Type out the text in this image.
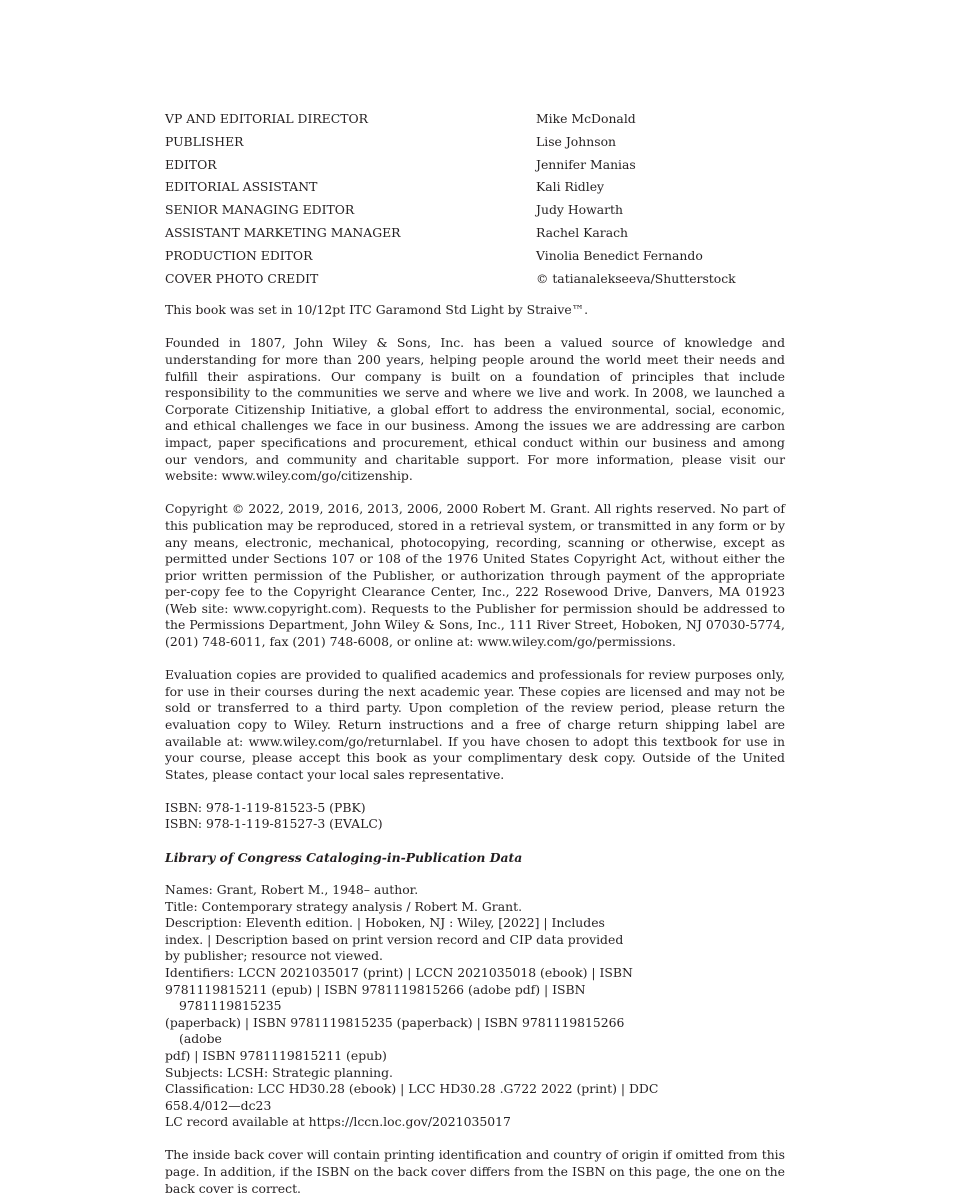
VP AND EDITORIAL DIRECTOR	Mike McDonald
PUBLISHER	Lise Johnson
EDITOR	Jennifer Manias
EDITORIAL ASSISTANT	Kali Ridley
SENIOR MANAGING EDITOR	Judy Howarth
ASSISTANT MARKETING MANAGER	Rachel Karach
PRODUCTION EDITOR	Vinolia Benedict Fernando
COVER PHOTO CREDIT	© tatianalekseeva/Shutterstock

This book was set in 10/12pt ITC Garamond Std Light by Straive™.

Founded in 1807, John Wiley & Sons, Inc. has been a valued source of knowledge and understanding for more than 200 years, helping people around the world meet their needs and fulfill their aspirations. Our company is built on a foundation of principles that include responsibility to the communities we serve and where we live and work. In 2008, we launched a Corporate Citizenship Initiative, a global effort to address the environmental, social, economic, and ethical challenges we face in our business. Among the issues we are addressing are carbon impact, paper specifications and procurement, ethical conduct within our business and among our vendors, and community and charitable support. For more information, please visit our website: www.wiley.com/go/citizenship.

Copyright © 2022, 2019, 2016, 2013, 2006, 2000 Robert M. Grant. All rights reserved. No part of this publication may be reproduced, stored in a retrieval system, or transmitted in any form or by any means, electronic, mechanical, photocopying, recording, scanning or otherwise, except as permitted under Sections 107 or 108 of the 1976 United States Copyright Act, without either the prior written permission of the Publisher, or authorization through payment of the appropriate per-copy fee to the Copyright Clearance Center, Inc., 222 Rosewood Drive, Danvers, MA 01923 (Web site: www.copyright.com). Requests to the Publisher for permission should be addressed to the Permissions Department, John Wiley & Sons, Inc., 111 River Street, Hoboken, NJ 07030-5774, (201) 748-6011, fax (201) 748-6008, or online at: www.wiley.com/go/permissions.

Evaluation copies are provided to qualified academics and professionals for review purposes only, for use in their courses during the next academic year. These copies are licensed and may not be sold or transferred to a third party. Upon completion of the review period, please return the evaluation copy to Wiley. Return instructions and a free of charge return shipping label are available at: www.wiley.com/go/returnlabel. If you have chosen to adopt this textbook for use in your course, please accept this book as your complimentary desk copy. Outside of the United States, please contact your local sales representative.

ISBN: 978-1-119-81523-5 (PBK)
ISBN: 978-1-119-81527-3 (EVALC)
Library of Congress Cataloging-in-Publication Data
Names: Grant, Robert M., 1948– author.
Title: Contemporary strategy analysis / Robert M. Grant.
Description: Eleventh edition. | Hoboken, NJ : Wiley, [2022] | Includes
index. | Description based on print version record and CIP data provided
by publisher; resource not viewed.
Identifiers: LCCN 2021035017 (print) | LCCN 2021035018 (ebook) | ISBN
9781119815211 (epub) | ISBN 9781119815266 (adobe pdf) | ISBN 9781119815235
(paperback) | ISBN 9781119815235 (paperback) | ISBN 9781119815266 (adobe
pdf) | ISBN 9781119815211 (epub)
Subjects: LCSH: Strategic planning.
Classification: LCC HD30.28 (ebook) | LCC HD30.28 .G722 2022 (print) | DDC
658.4/012—dc23
LC record available at https://lccn.loc.gov/2021035017

The inside back cover will contain printing identification and country of origin if omitted from this page. In addition, if the ISBN on the back cover differs from the ISBN on this page, the one on the back cover is correct.
